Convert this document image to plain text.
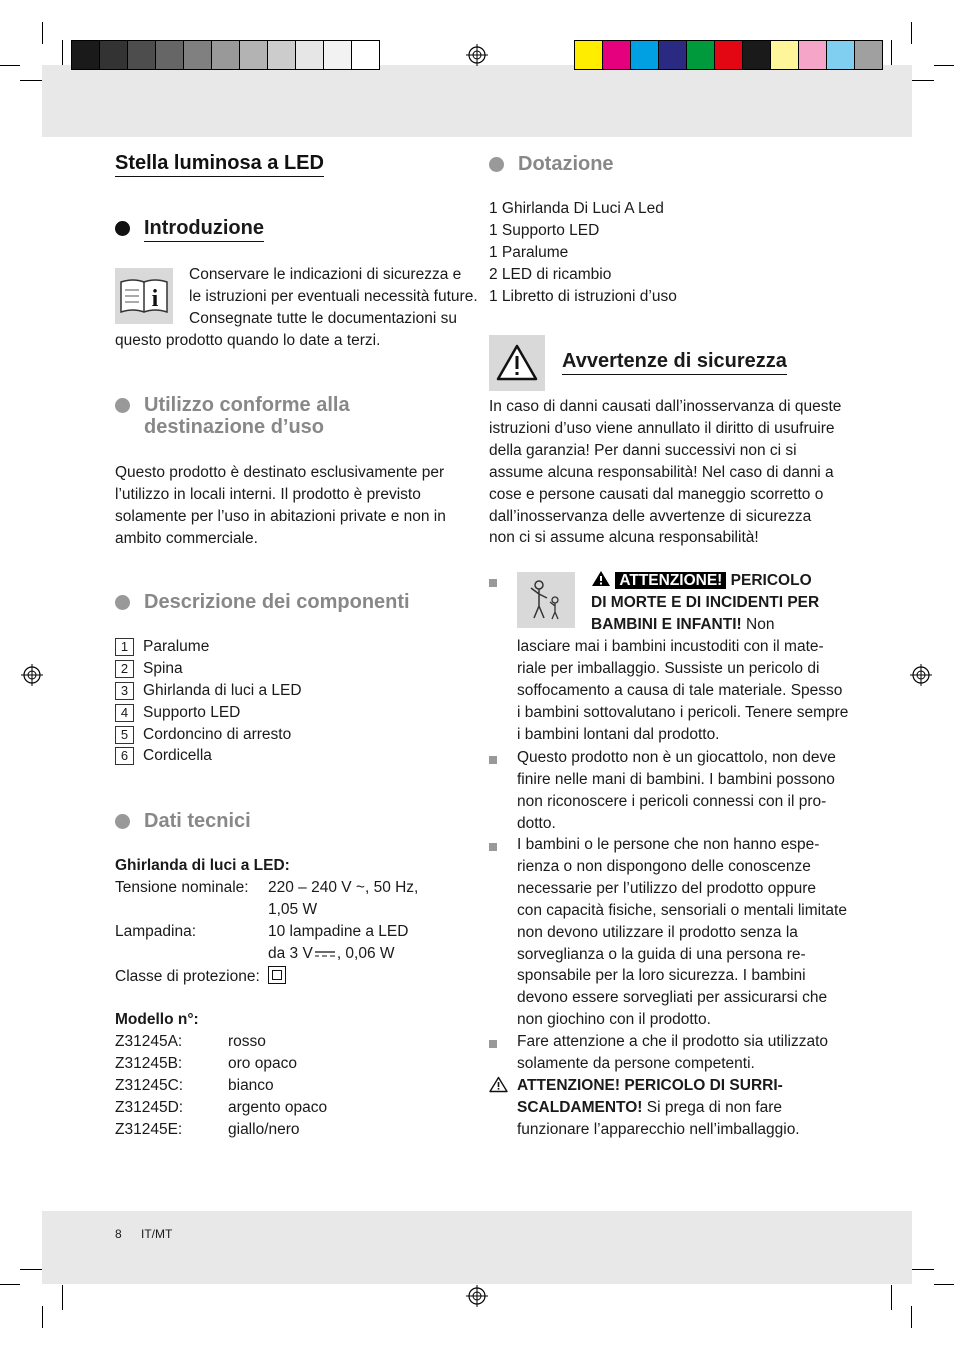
Stella luminosa a LED
Introduzione
i
Conservare le indicazioni di sicurezza e
le istruzioni per eventuali necessità future.
Consegnate tutte le documentazioni su
questo prodotto quando lo date a terzi.
Utilizzo conforme alla
destinazione d’uso
Questo prodotto è destinato esclusivamente per
l’utilizzo in locali interni. Il prodotto è previsto
solamente per l’uso in abitazioni private e non in
ambito commerciale.
Descrizione dei componenti
1 Paralume
2 Spina
3 Ghirlanda di luci a LED
4 Supporto LED
5 Cordoncino di arresto
6 Cordicella
Dati tecnici
Ghirlanda di luci a LED:
Tensione nominale: 220 – 240 V ~, 50 Hz,
1,05 W
Lampadina:	10 lampadine a LED
da 3 V , 0,06 W
Classe di protezione:
Modello n°:
Z31245A:	rosso
Z31245B:	oro opaco
Z31245C:	bianco
Z31245D:	argento opaco
Z31245E:	giallo/nero
Dotazione
1 Ghirlanda Di Luci A Led
1 Supporto LED
1 Paralume
2 LED di ricambio
1 Libretto di istruzioni d’uso
Avvertenze di sicurezza
In caso di danni causati dall’inosservanza di queste
istruzioni d’uso viene annullato il diritto di usufruire
della garanzia! Per danni successivi non ci si
assume alcuna responsabilità! Nel caso di danni a
cose e persone causati dal maneggio scorretto o
dall’inosservanza delle avvertenze di sicurezza
non ci si assume alcuna responsabilità!
ATTENZIONE! PERICOLO
DI MORTE E DI INCIDENTI PER
BAMBINI E INFANTI! Non
lasciare mai i bambini incustoditi con il mate-
riale per imballaggio. Sussiste un pericolo di
soffocamento a causa di tale materiale. Spesso
i bambini sottovalutano i pericoli. Tenere sempre
i bambini lontani dal prodotto.
Questo prodotto non è un giocattolo, non deve
finire nelle mani di bambini. I bambini possono
non riconoscere i pericoli connessi con il pro-
dotto.
I bambini o le persone che non hanno espe-
rienza o non dispongono delle conoscenze
necessarie per l’utilizzo del prodotto oppure
con capacità fisiche, sensoriali o mentali limitate
non devono utilizzare il prodotto senza la
sorveglianza o la guida di una persona re-
sponsabile per la loro sicurezza. I bambini
devono essere sorvegliati per assicurarsi che
non giochino con il prodotto.
Fare attenzione a che il prodotto sia utilizzato
solamente da persone competenti.
ATTENZIONE! PERICOLO DI SURRI-
SCALDAMENTO! Si prega di non fare
funzionare l’apparecchio nell’imballaggio.
8 IT/MT
